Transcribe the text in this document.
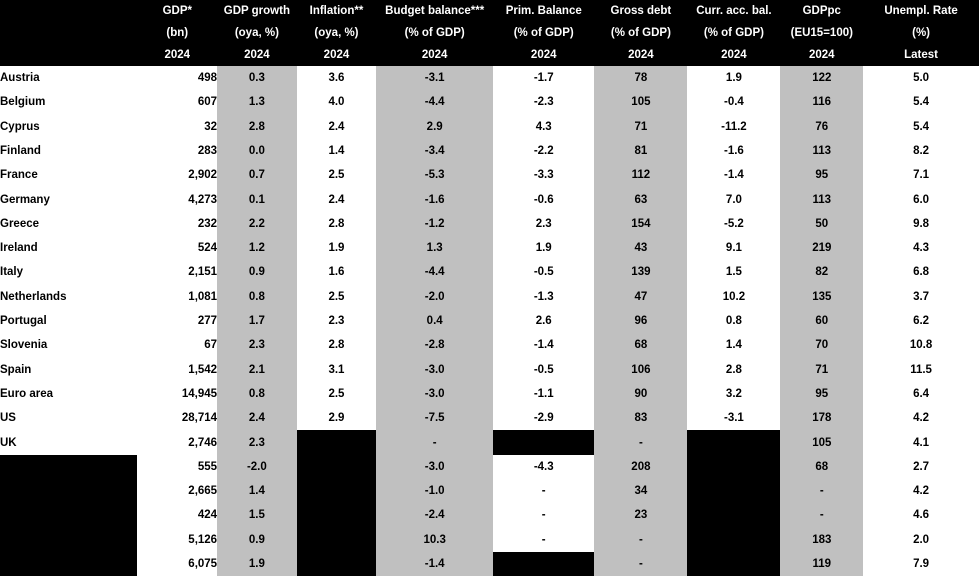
	GDP*	GDP growth	Inflation**	Budget balance***	Prim. Balance	Gross debt	Curr. acc. bal.	GDPpc	Unempl. Rate
	(bn)	(oya, %)	(oya, %)	(% of GDP)	(% of GDP)	(% of GDP)	(% of GDP)	(EU15=100)	(%)
	2024	2024	2024	2024	2024	2024	2024	2024	Latest
Austria	498	0.3	3.6	-3.1	-1.7	78	1.9	122	5.0
Belgium	607	1.3	4.0	-4.4	-2.3	105	-0.4	116	5.4
Cyprus	32	2.8	2.4	2.9	4.3	71	-11.2	76	5.4
Finland	283	0.0	1.4	-3.4	-2.2	81	-1.6	113	8.2
France	2,902	0.7	2.5	-5.3	-3.3	112	-1.4	95	7.1
Germany	4,273	0.1	2.4	-1.6	-0.6	63	7.0	113	6.0
Greece	232	2.2	2.8	-1.2	2.3	154	-5.2	50	9.8
Ireland	524	1.2	1.9	1.3	1.9	43	9.1	219	4.3
Italy	2,151	0.9	1.6	-4.4	-0.5	139	1.5	82	6.8
Netherlands	1,081	0.8	2.5	-2.0	-1.3	47	10.2	135	3.7
Portugal	277	1.7	2.3	0.4	2.6	96	0.8	60	6.2
Slovenia	67	2.3	2.8	-2.8	-1.4	68	1.4	70	10.8
Spain	1,542	2.1	3.1	-3.0	-0.5	106	2.8	71	11.5
Euro area	14,945	0.8	2.5	-3.0	-1.1	90	3.2	95	6.4
US	28,714	2.4	2.9	-7.5	-2.9	83	-3.1	178	4.2
UK	2,746	2.3		-		-		105	4.1
	555	-2.0		-3.0	-4.3	208		68	2.7
	2,665	1.4		-1.0	-	34		-	4.2
	424	1.5		-2.4	-	23		-	4.6
	5,126	0.9		10.3	-	-		183	2.0
	6,075	1.9		-1.4		-		119	7.9
